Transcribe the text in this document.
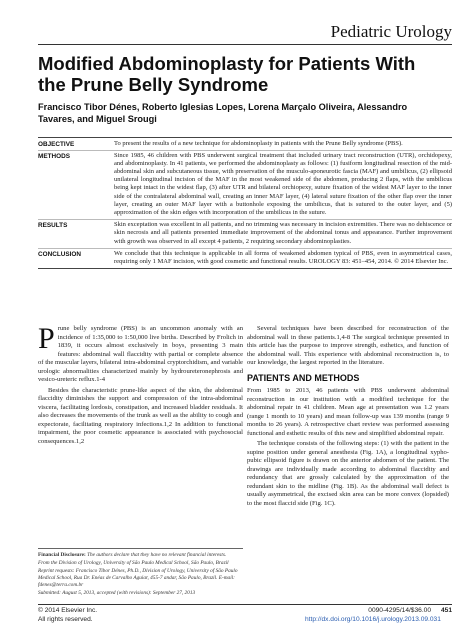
Pediatric Urology
Modified Abdominoplasty for Patients With the Prune Belly Syndrome

Francisco Tibor Dénes, Roberto Iglesias Lopes, Lorena Marçalo Oliveira, Alessandro Tavares, and Miguel Srougi

OBJECTIVE	To present the results of a new technique for abdominoplasty in patients with the Prune Belly syndrome (PBS).
METHODS	Since 1985, 46 children with PBS underwent surgical treatment that included urinary tract reconstruction (UTR), orchidopexy, and abdominoplasty. In 41 patients, we performed the abdominoplasty as follows: (1) fusiform longitudinal resection of the mid-abdominal skin and subcutaneous tissue, with preservation of the musculo-aponeurotic fascia (MAF) and umbilicus, (2) ellipsoid unilateral longitudinal incision of the MAF in the most weakened side of the abdomen, producing 2 flaps, with the umbilicus being kept intact in the widest flap, (3) after UTR and bilateral orchiopexy, suture fixation of the widest MAF layer to the inner side of the contralateral abdominal wall, creating an inner MAF layer, (4) lateral suture fixation of the other flap over the inner layer, creating an outer MAF layer with a buttonhole exposing the umbilicus, that is sutured to the outer layer, and (5) approximation of the skin edges with incorporation of the umbilicus in the suture.
RESULTS	Skin exceptation was excellent in all patients, and no trimming was necessary in incision extremities. There was no dehiscence or skin necrosis and all patients presented immediate improvement of the abdominal tonus and appearance. Further improvement with growth was observed in all except 4 patients, 2 requiring secondary abdominoplasties.
CONCLUSION	We conclude that this technique is applicable in all forms of weakened abdomen typical of PBS, even in asymmetrical cases, requiring only 1 MAF incision, with good cosmetic and functional results. UROLOGY 83: 451–454, 2014. © 2014 Elsevier Inc.

Prune belly syndrome (PBS) is an uncommon anomaly with an incidence of 1:35,000 to 1:50,000 live births. Described by Frolich in 1839, it occurs almost exclusively in boys, presenting 3 main features: abdominal wall flaccidity with partial or complete absence of the muscular layers, bilateral intra-abdominal cryptorchidism, and variable urologic abnormalities characterized mainly by hydroureteronephrosis and vesico-ureteric reflux.1-4

Besides the characteristic prune-like aspect of the skin, the abdominal flaccidity diminishes the support and compression of the intra-abdominal viscera, facilitating lordosis, constipation, and increased bladder residuals. It also decreases the movements of the trunk as well as the ability to cough and expectorate, facilitating respiratory infections.1,2 In addition to functional impairment, the poor cosmetic appearance is associated with psychosocial consequences.1,2

Several techniques have been described for reconstruction of the abdominal wall in these patients.1,4-8 The surgical technique presented in this article has the purpose to improve strength, esthetics, and function of the abdominal wall. This experience with abdominal reconstruction is, to our knowledge, the largest reported in the literature.

PATIENTS AND METHODS

From 1985 to 2013, 46 patients with PBS underwent abdominal reconstruction in our institution with a modified technique for the abdominal repair in 41 children. Mean age at presentation was 1.2 years (range 1 month to 10 years) and mean follow-up was 139 months (range 9 months to 26 years). A retrospective chart review was performed assessing functional and esthetic results of this new and simplified abdominal repair.

The technique consists of the following steps: (1) with the patient in the supine position under general anesthesia (Fig. 1A), a longitudinal xypho-pubic ellipsoid figure is drawn on the anterior abdomen of the patient. The drawings are individually made according to abdominal flaccidity and redundancy that are grossly calculated by the approximation of the redundant skin to the midline (Fig. 1B). As the abdominal wall defect is usually asymmetrical, the excised skin area can be more convex (lopsided) to the most flaccid side (Fig. 1C).

Financial Disclosure: The authors declare that they have no relevant financial interests.

From the Division of Urology, University of São Paulo Medical School, São Paulo, Brazil

Reprint requests: Francisco Tibor Dénes, Ph.D., Division of Urology, University of São Paulo Medical School, Rua Dr. Enéas de Carvalho Aguiar, 455-7 andar, São Paulo, Brazil. E-mail: fdenes@terra.com.br

Submitted: August 5, 2013, accepted (with revisions): September 27, 2013

© 2014 Elsevier Inc.
All rights reserved.
0090-4295/14/$36.00 451
http://dx.doi.org/10.1016/j.urology.2013.09.031
